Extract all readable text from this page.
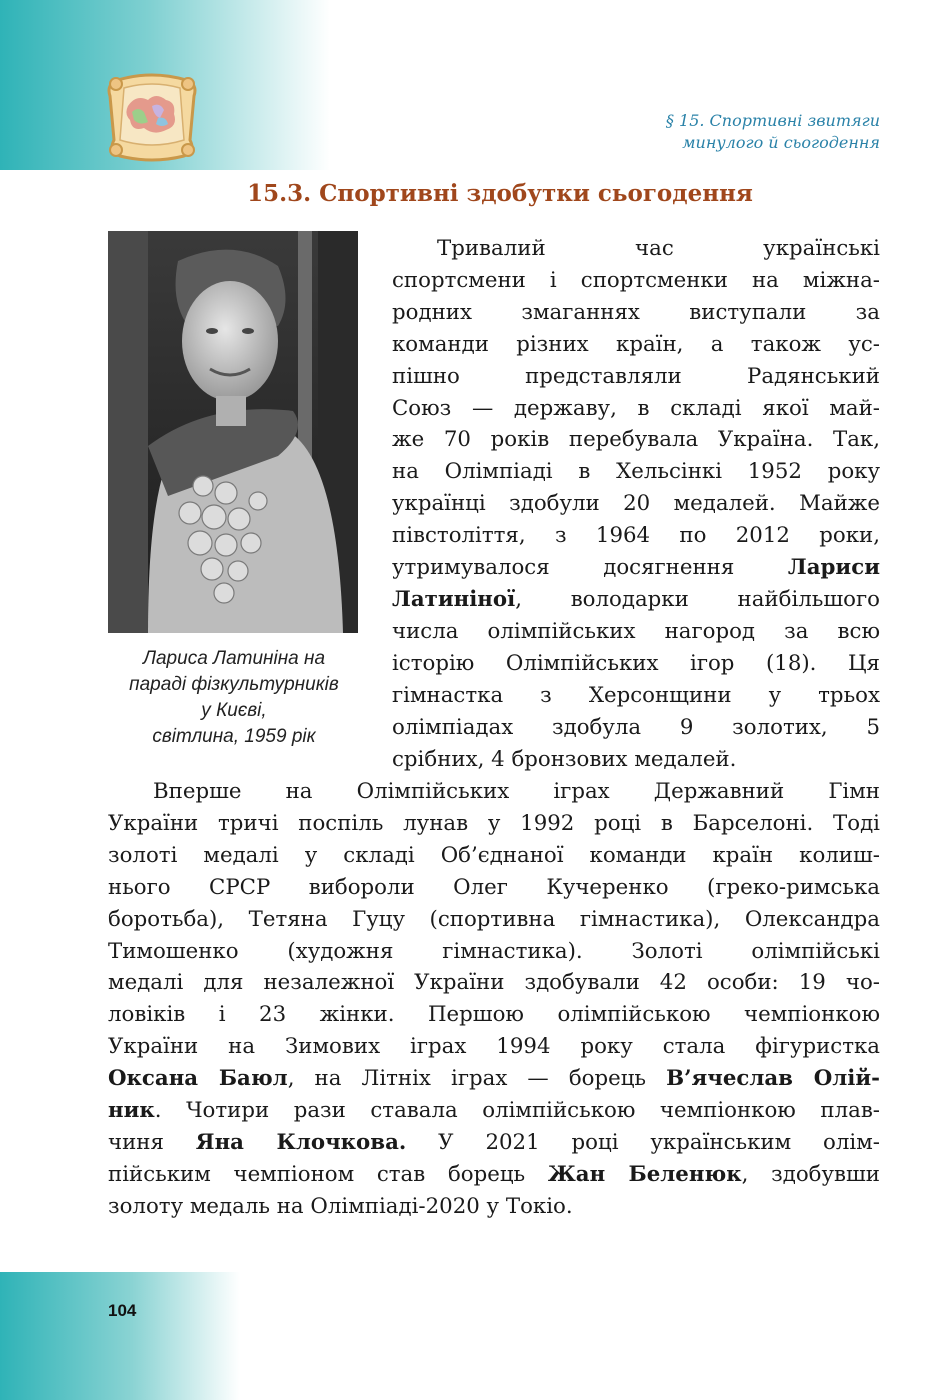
§ 15. Спортивні звитяги
минулого й сьогодення
15.3. Спортивні здобутки сьогодення
Лариса Латиніна на
параді фізкультурників
у Києві,
світлина, 1959 рік
Тривалий час українські
спортсмени і спортсменки на міжна-
родних змаганнях виступали за
команди різних країн, а також ус-
пішно представляли Радянський
Союз — державу, в складі якої май-
же 70 років перебувала Україна. Так,
на Олімпіаді в Хельсінкі 1952 року
українці здобули 20 медалей. Майже
півстоліття, з 1964 по 2012 роки,
утримувалося досягнення Лариси
Латиніної, володарки найбільшого
числа олімпійських нагород за всю
історію Олімпійських ігор (18). Ця
гімнастка з Херсонщини у трьох
олімпіадах здобула 9 золотих, 5
срібних, 4 бронзових медалей.
Вперше на Олімпійських іграх Державний Гімн
України тричі поспіль лунав у 1992 році в Барселоні. Тоді
золоті медалі у складі Об’єднаної команди країн колиш-
нього СРСР вибороли Олег Кучеренко (греко-римська
боротьба), Тетяна Гуцу (спортивна гімнастика), Олександра
Тимошенко (художня гімнастика). Золоті олімпійські
медалі для незалежної України здобували 42 особи: 19 чо-
ловіків і 23 жінки. Першою олімпійською чемпіонкою
України на Зимових іграх 1994 року стала фігуристка
Оксана Баюл, на Літніх іграх — борець В’ячеслав Олій-
ник. Чотири рази ставала олімпійською чемпіонкою плав-
чиня Яна Клочкова. У 2021 році українським олім-
пійським чемпіоном став борець Жан Беленюк, здобувши
золоту медаль на Олімпіаді-2020 у Токіо.
104
